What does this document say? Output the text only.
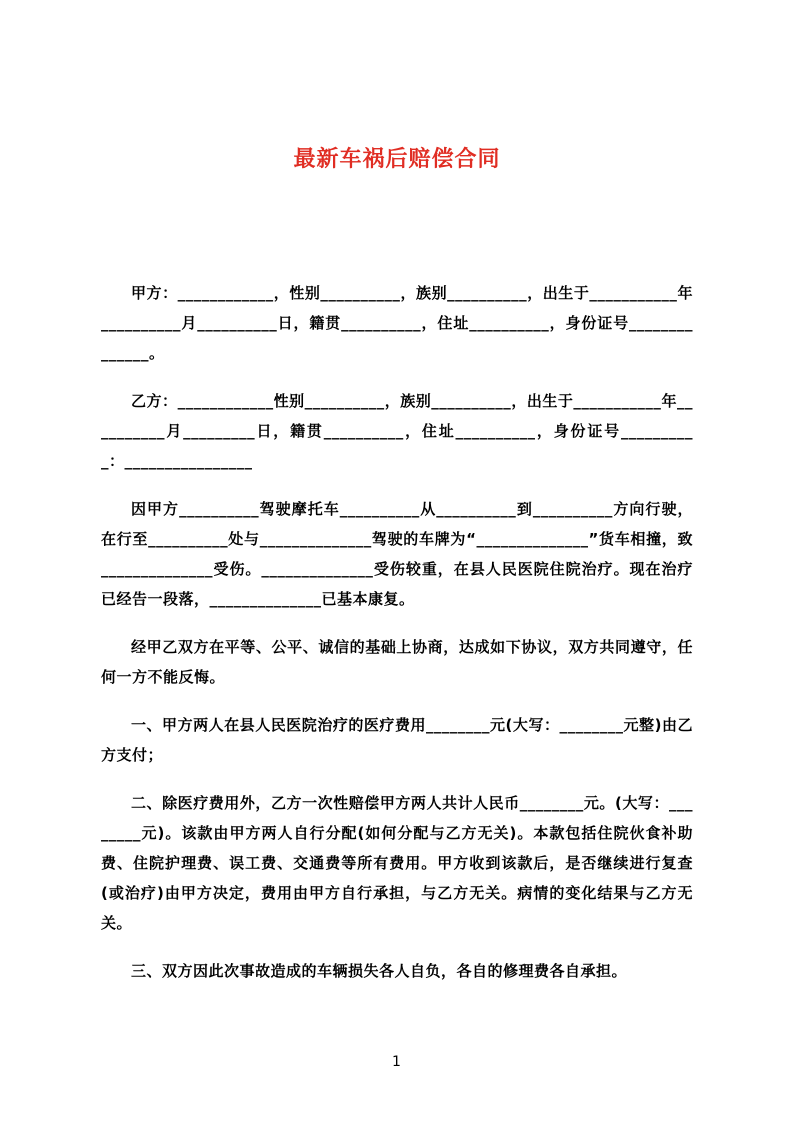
最新车祸后赔偿合同

甲方：____________，性别__________，族别__________，出生于___________年__________月__________日，籍贯__________，住址__________，身份证号______________。

乙方：____________性别__________，族别__________，出生于___________年__________月_________日，籍贯__________，住址__________，身份证号__________：________________

因甲方__________驾驶摩托车__________从__________到__________方向行驶，在行至__________处与______________驾驶的车牌为“______________”货车相撞，致______________受伤。______________受伤较重，在县人民医院住院治疗。现在治疗已经告一段落，______________已基本康复。

经甲乙双方在平等、公平、诚信的基础上协商，达成如下协议，双方共同遵守，任何一方不能反悔。

一、甲方两人在县人民医院治疗的医疗费用________元(大写：________元整)由乙方支付；

二、除医疗费用外，乙方一次性赔偿甲方两人共计人民币________元。(大写：________元)。该款由甲方两人自行分配(如何分配与乙方无关)。本款包括住院伙食补助费、住院护理费、误工费、交通费等所有费用。甲方收到该款后，是否继续进行复查(或治疗)由甲方决定，费用由甲方自行承担，与乙方无关。病情的变化结果与乙方无关。

三、双方因此次事故造成的车辆损失各人自负，各自的修理费各自承担。

1
